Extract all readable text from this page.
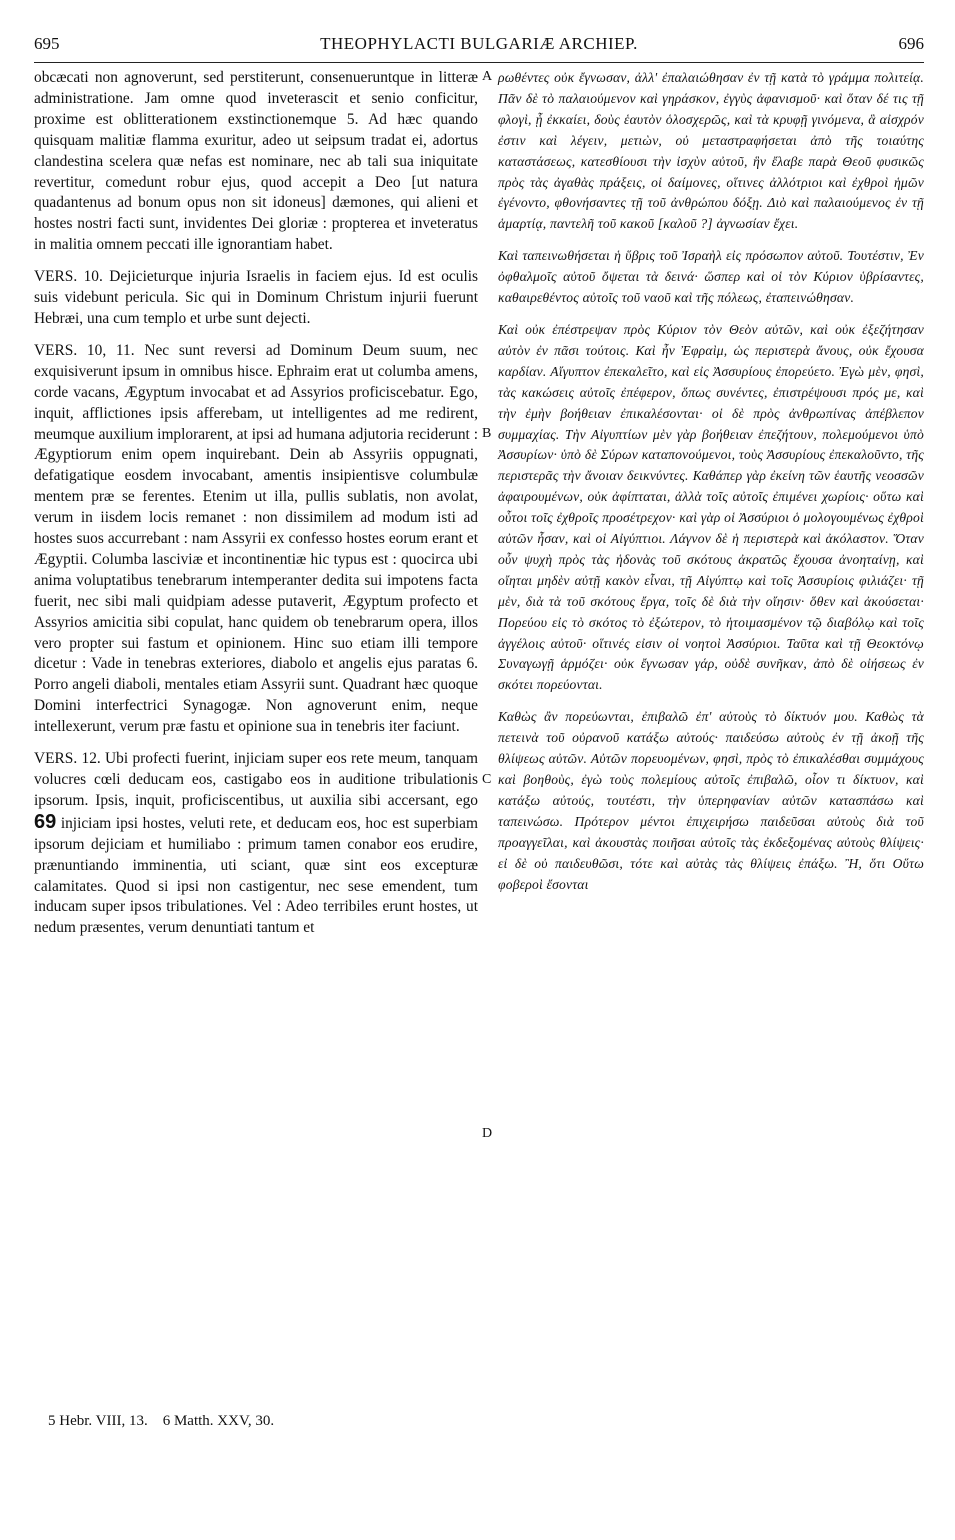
695	THEOPHYLACTI BULGARIÆ ARCHIEP.	696

obcæcati non agnoverunt, sed perstiterunt, consenueruntque in litteræ administratione. Jam omne quod inveterascit et senio conficitur, proxime est oblitterationem exstinctionemque 5. Ad hæc quando quisquam malitiæ flamma exuritur, adeo ut seipsum tradat ei, adortus clandestina scelera quæ nefas est nominare, nec ab tali sua iniquitate revertitur, comedunt robur ejus, quod accepit a Deo [ut natura quadantenus ad bonum opus non sit idoneus] dæmones, qui alieni et hostes nostri facti sunt, invidentes Dei gloriæ : propterea et inveteratus in malitia omnem peccati ille ignorantiam habet.

VERS. 10. Dejicieturque injuria Israelis in faciem ejus. Id est oculis suis videbunt pericula. Sic qui in Dominum Christum injurii fuerunt Hebræi, una cum templo et urbe sunt dejecti.

VERS. 10, 11. Nec sunt reversi ad Dominum Deum suum, nec exquisiverunt ipsum in omnibus hisce. Ephraim erat ut columba amens, corde vacans, Ægyptum invocabat et ad Assyrios proficiscebatur. Ego, inquit, afflictiones ipsis afferebam, ut intelligentes ad me redirent, meumque auxilium implorarent, at ipsi ad humana adjutoria reciderunt : Ægyptiorum enim opem inquirebant. Dein ab Assyriis oppugnati, defatigatique eosdem invocabant, amentis insipientisve columbulæ mentem præ se ferentes. Etenim ut illa, pullis sublatis, non avolat, verum in iisdem locis remanet : non dissimilem ad modum isti ad hostes suos accurrebant : nam Assyrii ex confesso hostes eorum erant et Ægyptii. Columba lasciviæ et incontinentiæ hic typus est : quocirca ubi anima voluptatibus tenebrarum intemperanter dedita sui impotens facta fuerit, nec sibi mali quidpiam adesse putaverit, Ægyptum profecto et Assyrios amicitia sibi copulat, hanc quidem ob tenebrarum opera, illos vero propter sui fastum et opinionem. Hinc suo etiam illi tempore dicetur : Vade in tenebras exteriores, diabolo et angelis ejus paratas 6. Porro angeli diaboli, mentales etiam Assyrii sunt. Quadrant hæc quoque Domini interfectrici Synagogæ. Non agnoverunt enim, neque intellexerunt, verum præ fastu et opinione sua in tenebris iter faciunt.

VERS. 12. Ubi profecti fuerint, injiciam super eos rete meum, tanquam volucres cœli deducam eos, castigabo eos in auditione tribulationis ipsorum. Ipsis, inquit, proficiscentibus, ut auxilia sibi accersant, ego 69 injiciam ipsi hostes, veluti rete, et deducam eos, hoc est superbiam ipsorum dejiciam et humiliabo : primum tamen conabor eos erudire, prænuntiando imminentia, uti sciant, quæ sint eos excepturæ calamitates. Quod si ipsi non castigentur, nec sese emendent, tum inducam super ipsos tribulationes. Vel : Adeo terribiles erunt hostes, ut nedum præsentes, verum denuntiati tantum et

A
B
C
D

ρωθέντες οὐκ ἔγνωσαν, ἀλλ' ἐπαλαιώθησαν ἐν τῇ κατὰ τὸ γράμμα πολιτείᾳ. Πᾶν δὲ τὸ παλαιούμενον καὶ γηράσκον, ἐγγὺς ἀφανισμοῦ· καὶ ὅταν δέ τις τῇ φλογὶ, ᾗ ἐκκαίει, δοὺς ἑαυτὸν ὁλοσχερῶς, καὶ τὰ κρυφῇ γινόμενα, ἃ αἰσχρόν ἐστιν καὶ λέγειν, μετιὼν, οὐ μεταστραφήσεται ἀπὸ τῆς τοιαύτης καταστάσεως, κατεσθίουσι τὴν ἰσχὺν αὐτοῦ, ἣν ἔλαβε παρὰ Θεοῦ φυσικῶς πρὸς τὰς ἀγαθὰς πράξεις, οἱ δαίμονες, οἵτινες ἀλλότριοι καὶ ἐχθροὶ ἡμῶν ἐγένοντο, φθονήσαντες τῇ τοῦ ἀνθρώπου δόξῃ. Διὸ καὶ παλαιούμενος ἐν τῇ ἁμαρτίᾳ, παντελῆ τοῦ κακοῦ [καλοῦ ?] ἀγνωσίαν ἔχει.

Καὶ ταπεινωθήσεται ἡ ὕβρις τοῦ Ἰσραὴλ εἰς πρόσωπον αὐτοῦ. Τουτέστιν, Ἐν ὀφθαλμοῖς αὐτοῦ ὄψεται τὰ δεινά· ὥσπερ καὶ οἱ τὸν Κύριον ὑβρίσαντες, καθαιρεθέντος αὐτοῖς τοῦ ναοῦ καὶ τῆς πόλεως, ἐταπεινώθησαν.

Καὶ οὐκ ἐπέστρεψαν πρὸς Κύριον τὸν Θεὸν αὐτῶν, καὶ οὐκ ἐξεζήτησαν αὐτὸν ἐν πᾶσι τούτοις. Καὶ ἦν Ἐφραὶμ, ὡς περιστερὰ ἄνους, οὐκ ἔχουσα καρδίαν. Αἴγυπτον ἐπεκαλεῖτο, καὶ εἰς Ἀσσυρίους ἐπορεύετο. Ἐγὼ μὲν, φησὶ, τὰς κακώσεις αὐτοῖς ἐπέφερον, ὅπως συνέντες, ἐπιστρέψουσι πρός με, καὶ τὴν ἐμὴν βοήθειαν ἐπικαλέσονται· οἱ δὲ πρὸς ἀνθρωπίνας ἀπέβλεπον συμμαχίας. Τὴν Αἰγυπτίων μὲν γὰρ βοήθειαν ἐπεζήτουν, πολεμούμενοι ὑπὸ Ἀσσυρίων· ὑπὸ δὲ Σύρων καταπονούμενοι, τοὺς Ἀσσυρίους ἐπεκαλοῦντο, τῆς περιστερᾶς τὴν ἄνοιαν δεικνύντες. Καθάπερ γὰρ ἐκείνη τῶν ἑαυτῆς νεοσσῶν ἀφαιρουμένων, οὐκ ἀφίπταται, ἀλλὰ τοῖς αὐτοῖς ἐπιμένει χωρίοις· οὕτω καὶ οὗτοι τοῖς ἐχθροῖς προσέτρεχον· καὶ γὰρ οἱ Ἀσσύριοι ὁ μολογουμένως ἐχθροὶ αὐτῶν ἦσαν, καὶ οἱ Αἰγύπτιοι. Λάγνον δὲ ἡ περιστερὰ καὶ ἀκόλαστον. Ὅταν οὖν ψυχὴ πρὸς τὰς ἡδονὰς τοῦ σκότους ἀκρατῶς ἔχουσα ἀνοηταίνῃ, καὶ οἴηται μηδὲν αὐτῇ κακὸν εἶναι, τῇ Αἰγύπτῳ καὶ τοῖς Ἀσσυρίοις φιλιάζει· τῇ μὲν, διὰ τὰ τοῦ σκότους ἔργα, τοῖς δὲ διὰ τὴν οἴησιν· ὅθεν καὶ ἀκούσεται· Πορεύου εἰς τὸ σκότος τὸ ἐξώτερον, τὸ ἡτοιμασμένον τῷ διαβόλῳ καὶ τοῖς ἀγγέλοις αὐτοῦ· οἵτινές εἰσιν οἱ νοητοὶ Ἀσσύριοι. Ταῦτα καὶ τῇ Θεοκτόνῳ Συναγωγῇ ἁρμόζει· οὐκ ἔγνωσαν γάρ, οὐδὲ συνῆκαν, ἀπὸ δὲ οἰήσεως ἐν σκότει πορεύονται.

Καθὼς ἂν πορεύωνται, ἐπιβαλῶ ἐπ' αὐτοὺς τὸ δίκτυόν μου. Καθὼς τὰ πετεινὰ τοῦ οὐρανοῦ κατάξω αὐτούς· παιδεύσω αὐτοὺς ἐν τῇ ἀκοῇ τῆς θλίψεως αὐτῶν. Αὐτῶν πορευομένων, φησὶ, πρὸς τὸ ἐπικαλέσθαι συμμάχους καὶ βοηθοὺς, ἐγὼ τοὺς πολεμίους αὐτοῖς ἐπιβαλῶ, οἷον τι δίκτυον, καὶ κατάξω αὐτούς, τουτέστι, τὴν ὑπερηφανίαν αὐτῶν κατασπάσω καὶ ταπεινώσω. Πρότερον μέντοι ἐπιχειρήσω παιδεῦσαι αὐτοὺς διὰ τοῦ προαγγεῖλαι, καὶ ἀκουστὰς ποιῆσαι αὐτοῖς τὰς ἐκδεξομένας αὐτοὺς θλίψεις· εἰ δὲ οὐ παιδευθῶσι, τότε καὶ αὐτὰς τὰς θλίψεις ἐπάξω. Ἢ, ὅτι Οὕτω φοβεροὶ ἔσονται

5 Hebr. VIII, 13. 6 Matth. XXV, 30.
